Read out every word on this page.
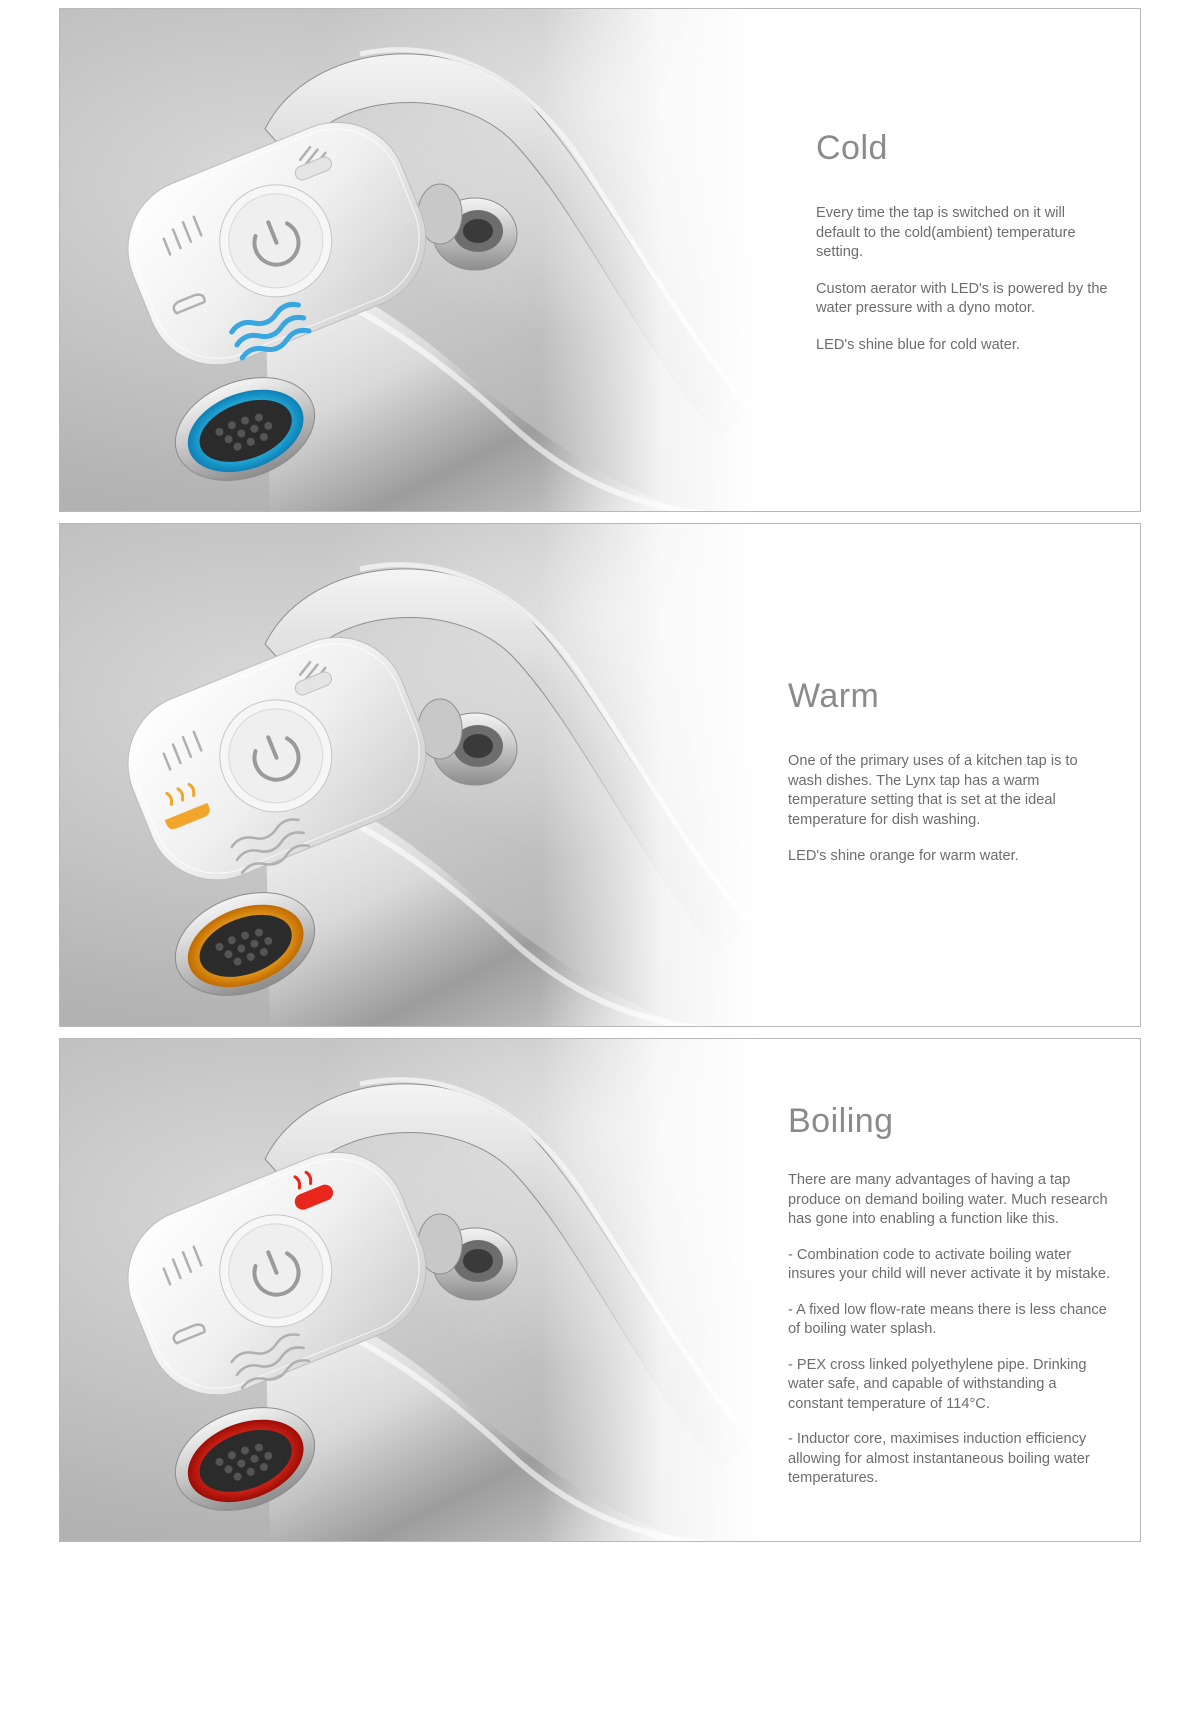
Cold

Every time the tap is switched on it will default to the cold(ambient) temperature setting.

Custom aerator with LED's is powered by the water pressure with a dyno motor.

LED's shine blue for cold water.

Warm

One of the primary uses of a kitchen tap is to wash dishes. The Lynx tap has a warm temperature setting that is set at the ideal temperature for dish washing.

LED's shine orange for warm water.

Boiling

There are many advantages of having a tap produce on demand boiling water. Much research has gone into enabling a function like this.

- Combination code to activate boiling water insures your child will never activate it by mistake.

- A fixed low flow-rate means there is less chance of boiling water splash.

- PEX cross linked polyethylene pipe. Drinking water safe, and capable of withstanding a constant temperature of 114°C.

- Inductor core, maximises induction efficiency allowing for almost instantaneous boiling water temperatures.
